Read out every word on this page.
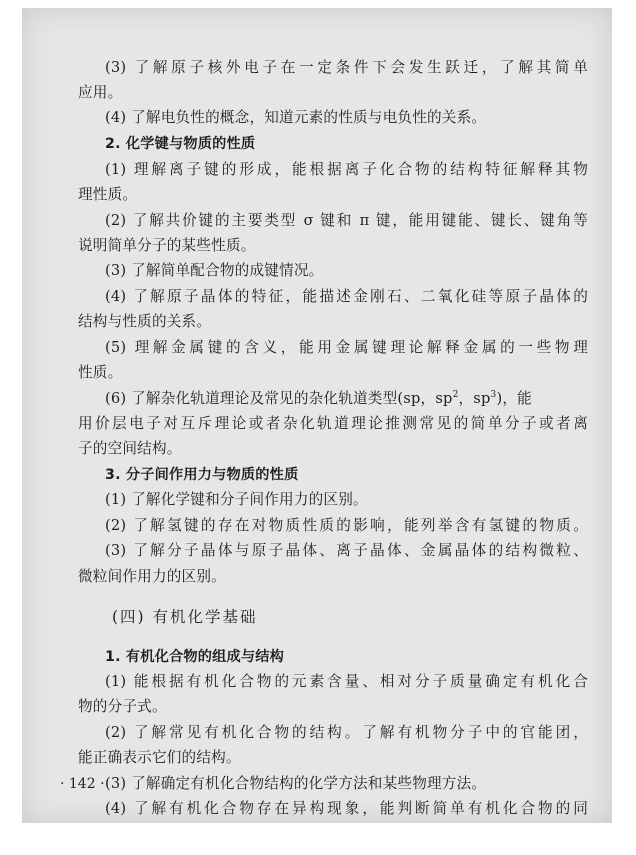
(3) 了解原子核外电子在一定条件下会发生跃迁，了解其简单
应用。
(4) 了解电负性的概念，知道元素的性质与电负性的关系。
2. 化学键与物质的性质
(1) 理解离子键的形成，能根据离子化合物的结构特征解释其物
理性质。
(2) 了解共价键的主要类型 σ 键和 π 键，能用键能、键长、键角等
说明简单分子的某些性质。
(3) 了解简单配合物的成键情况。
(4) 了解原子晶体的特征，能描述金刚石、二氧化硅等原子晶体的
结构与性质的关系。
(5) 理解金属键的含义，能用金属键理论解释金属的一些物理
性质。
(6) 了解杂化轨道理论及常见的杂化轨道类型(sp，$sp^2$，$sp^3$)，能
用价层电子对互斥理论或者杂化轨道理论推测常见的简单分子或者离
子的空间结构。
3. 分子间作用力与物质的性质
(1) 了解化学键和分子间作用力的区别。
(2) 了解氢键的存在对物质性质的影响，能列举含有氢键的物质。
(3) 了解分子晶体与原子晶体、离子晶体、金属晶体的结构微粒、
微粒间作用力的区别。
(四) 有机化学基础
1. 有机化合物的组成与结构
(1) 能根据有机化合物的元素含量、相对分子质量确定有机化合
物的分子式。
(2) 了解常见有机化合物的结构。了解有机物分子中的官能团，
能正确表示它们的结构。
(3) 了解确定有机化合物结构的化学方法和某些物理方法。
(4) 了解有机化合物存在异构现象，能判断简单有机化合物的同
· 142 ·
